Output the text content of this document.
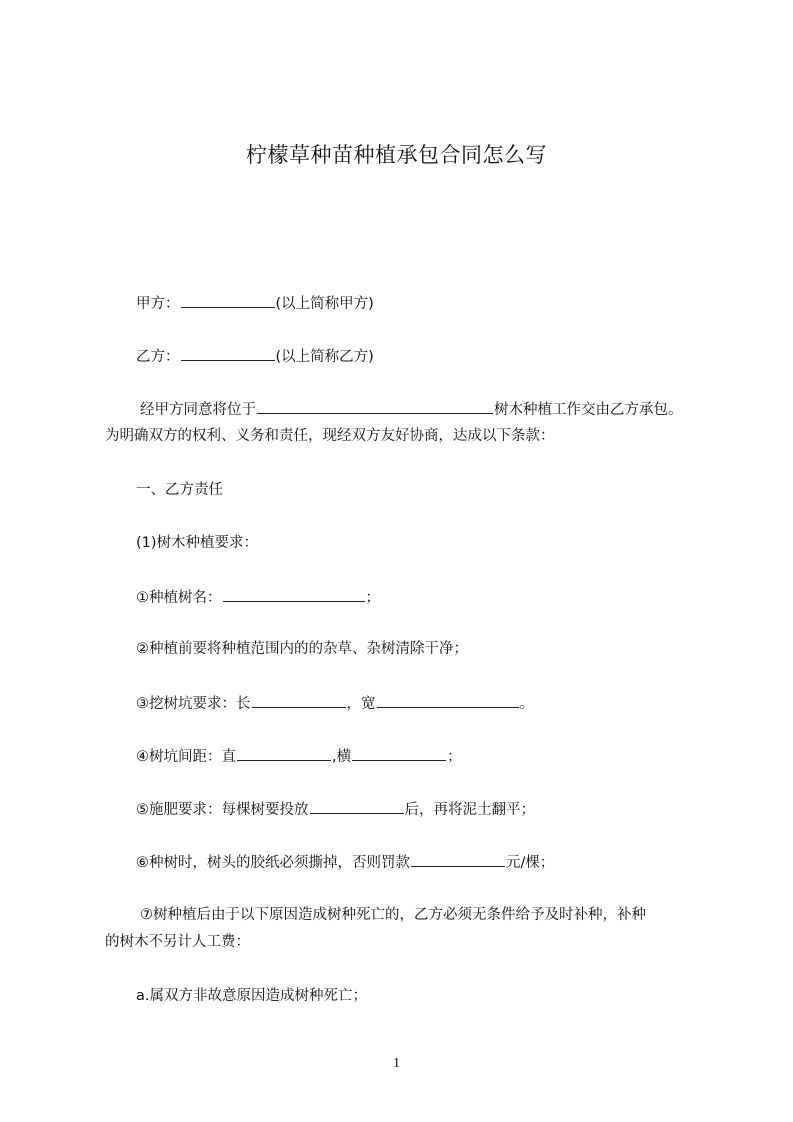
柠檬草种苗种植承包合同怎么写
甲方：	(以上简称甲方)
乙方：	(以上简称乙方)
经甲方同意将位于	树木种植工作交由乙方承包。
为明确双方的权利、义务和责任，现经双方友好协商，达成以下条款：
一、乙方责任
(1)树木种植要求：
①种植树名：	；
②种植前要将种植范围内的的杂草、杂树清除干净；
③挖树坑要求：长	，宽	。
④树坑间距：直	,横	；
⑤施肥要求：每棵树要投放	后，再将泥土翻平；
⑥种树时，树头的胶纸必须撕掉，否则罚款	元/棵；
⑦树种植后由于以下原因造成树种死亡的，乙方必须无条件给予及时补种，补种
的树木不另计人工费：
a.属双方非故意原因造成树种死亡；
1
